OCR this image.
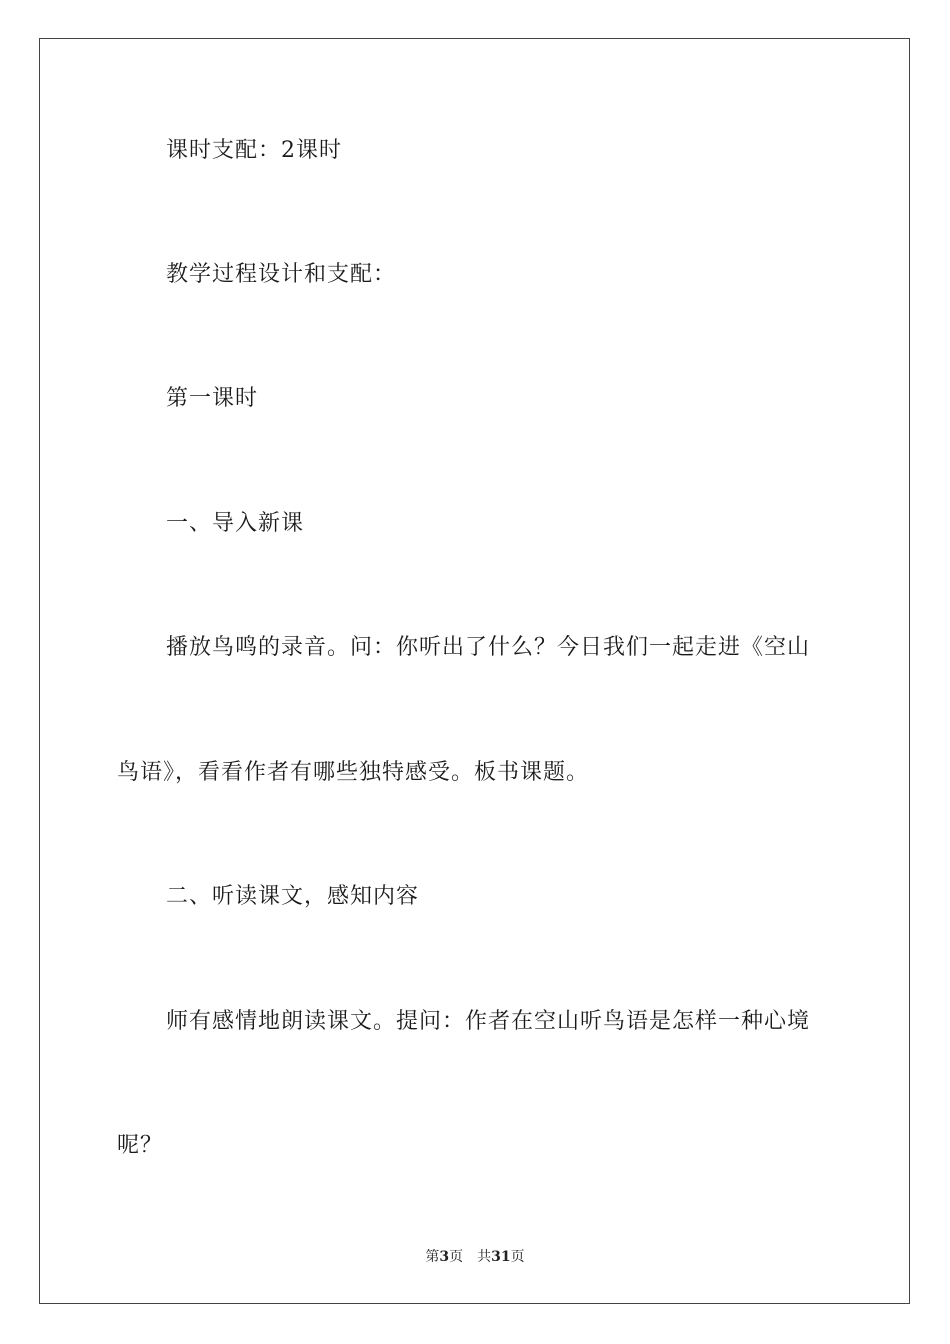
课时支配：2课时
教学过程设计和支配：
第一课时
一、导入新课
播放鸟鸣的录音。问：你听出了什么？今日我们一起走进《空山
鸟语》，看看作者有哪些独特感受。板书课题。
二、听读课文，感知内容
师有感情地朗读课文。提问：作者在空山听鸟语是怎样一种心境
呢？
第3页 共31页
